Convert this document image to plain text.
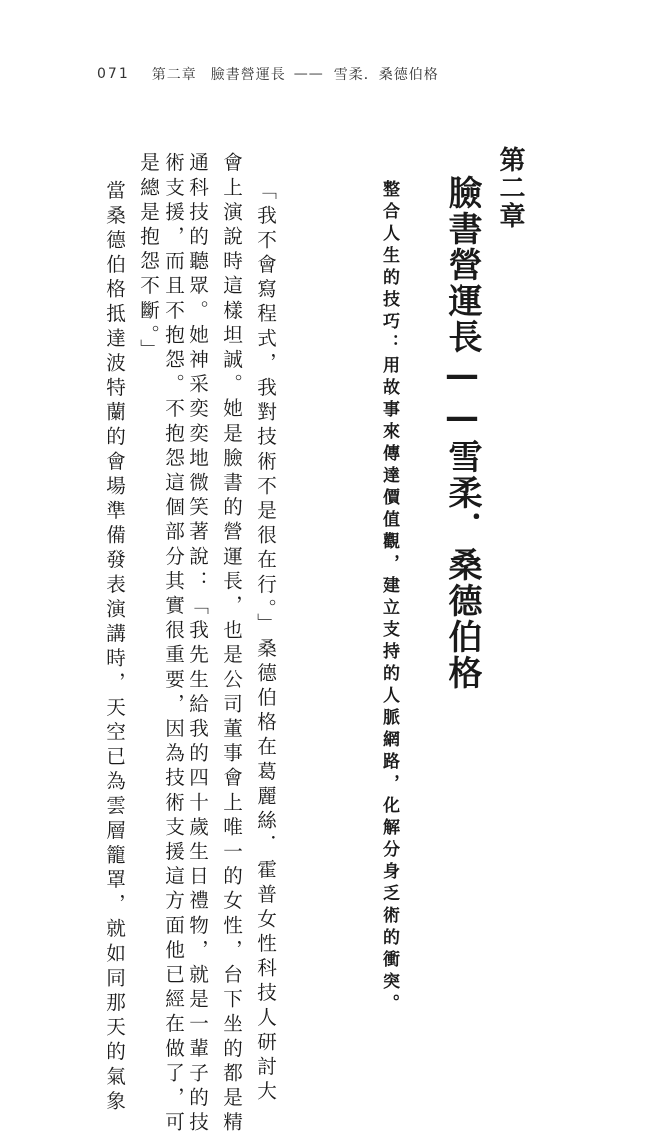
071 第二章 臉書營運長 —— 雪柔．桑德伯格
第二章
臉書營運長——雪柔．桑德伯格
整合人生的技巧：用故事來傳達價值觀，建立支持的人脈網路，化解分身乏術的衝突。
「我不會寫程式，我對技術不是很在行。」桑德伯格在葛麗絲．霍普女性科技人研討大
會上演說時這樣坦誠。她是臉書的營運長，也是公司董事會上唯一的女性，台下坐的都是精
通科技的聽眾。她神采奕奕地微笑著說：「我先生給我的四十歲生日禮物，就是一輩子的技
術支援，而且不抱怨。不抱怨這個部分其實很重要，因為技術支援這方面他已經在做了，可
是總是抱怨不斷。」
當桑德伯格抵達波特蘭的會場準備發表演講時，天空已為雲層籠罩，就如同那天的氣象
